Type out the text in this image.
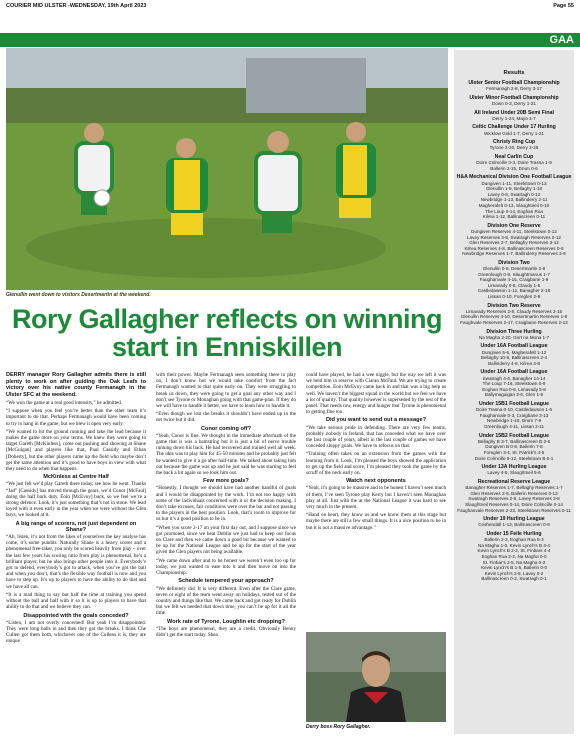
COURIER MID ULSTER -WEDNESDAY, 19th April 2023	Page 55
GAA
Glenullin went down to visitors Desertmartin at the weekend.
Rory Gallagher reflects on winning start in Enniskillen

DERRY manager Rory Gallagher admits there is still plenty to work on after guiding the Oak Leafs to victory over his native county Fermanagh in the Ulster SFC at the weekend.

“We won the game at a real good intensity,” he admitted.

“I suppose when you feel you’re better than the other team it’s important to do that. Perhaps Fermanagh would have been coming to try to hang in the game, but we blew it open very early.

“We wanted to hit the ground running and take the lead because it makes the game more on your terms. We knew they were going to target Gareth [McKinless], come out pushing and showing at Shane [McGuigan] and players like that, Paul Cassidy and Ethan [Doherty], but the other players came up the field who maybe don’t get the same attention and it’s good to have boys in view with what they need to do when that happens.

McKinless at Centre Half

“We just felt we’d play Gareth there today, see how he went. Thanks “Jad” [Cassidy] has moved through the gears, we’d Conor [McFaul] doing the half back duty. Eoin [McEvoy] back, so we feel we’re a strong defence. Look, it’s just something that’s not in stone. We lead loyed with it even early in the year when we were without the Glen boys, we looked at it.

A big range of scorers, not just dependent on Shane?

“Ah, listen, it’s not from the likes of yourselves the key analyse has come, it’s some pundits. Naturally Shane is a heavy scorer and a phenomenal free-taker, you only be scored heavily from play – over the last few years his scoring ratio from play is phenomenal, he’s a brilliant player, but he also brings other people into it. Everybody’s got to defend, everybody’s got to attack, when you’ve got the ball and when you don’t, that’s the flexible way football is now and you have to step up. It’s up to players to have the ability to do that and we have all can.

“It is a mad thing to say but half the time at training you spend without the ball and half with it so it is up to players to have that ability to do that and we believe they can.

Disappointed with the goals conceded?

“Listen, I am not overly concerned! But yeah I’m disappointed. They were long balls in and then they got the breaks. I think Che Cullen got them both, whichever one of the Cullens it is, they are unique

with their power. Maybe Fermanagh seen something there to play on, I don’t know but we would take comfort from the fact Fermanagh wanted to that quite early on. They were struggling to break us down, they were going to get a goal any other way and I don’t see Tyrone or Monaghan going with that game-plan. If they do we will have to handle it better, we have to learn how to handle it.

“Even though we lost the breaks it shouldn’t have ended up in the net twice but it did.

Conor coming off?

“Yeah, Conor is fine. We thought in the immediate aftermath of the game that is was a hamstring but it is just a bit of nerve trouble running down his back. He had recovered and trained well all week. The idea was to play him for 45-50 minutes and he probably just felt he wanted to give it a go after half-time. We talked about taking him out because the game was up and he just said he was starting to feel the back a bit again so we took him out.

Few more goals?

“Honestly, I thought we should have had another handful of goals and I would be disappointed by the work. I’m not too happy with some of the individuals concerned with it or the decision making. I don’t take excuses, fair conditions were over the bar and not passing to the players in the best position. Look, that’s room to improve for us but it’s a good position to be in.

“When you score 2-17 on your first day out, and I suppose since we got promoted, since we beat Dublin we just had to keep our focus on Clare and then we came down a good bit because we wanted to be up for the National League and be up for the start of the year given the Glen players not being available.

“We came down after and to be honest we weren’t even too up for today, we just wanted to ease into it and then move on into the Championship.

Schedule tempered your approach?

“We definitely did. It is very different. Even after the Clare game, seven or eight of the team went away on holidays, tested out of the country and things like that. We came back and got ready for Dublin but we felt we needed that down time, you can’t be up for it all the time.

Work rate of Tyrone, Loughlin etc dropping?

“The boys are phenomenal, they are a credit. Obviously Benny didn’t get the start today. Shea

could have played, he had a wee niggle, but the way we left it was we held him in reserve with Ciaran McFaul. We are trying to create competition. Eoin McEvoy came back in and that was a big help as well. We haven’t the biggest squad in the world but we feel we have a lot of quality. That quality however is superseded by the rest of the panel. That needs raw, energy and hunger that Tyrone is phenomenal to getting fine too.

Did you want to send out a message?

“We take serious pride in defending. There are very few teams, probably nobody in Ireland, that has conceded what we have over the last couple of years, albeit in the last couple of games we have conceded sloppy goals. We have to refocus on that.

“Training often takes on an extension from the games with the learning from it. Look, I’m pleased the boys showed the application to get up the field and score, I’m pleased they took the game by the scruff of the neck early on.

Watch next opponents

“Yeah, it’s going to be massive and to be honest I haven’t seen much of them, I’ve seen Tyrone play Kerry but I haven’t seen Monaghan play at all. Just with the at the National League it was hard to see very much in the present.

“Hand on heart, they know us and we know them at this stage but maybe there are still a few small things. It is a nice position to be in but it is not a massive advantage.”

Derry boss Rory Gallagher.
Results
Ulster Senior Football Championship
Fermanagh 2-8, Derry 3-17
Ulster Minor Football Championship
Down 0-3, Derry 1-21
All Ireland Under 20B Semi Final
Derry 1-24, Mayo 1-7
Celtic Challenge Under 17 Hurling
Wicklow Gold 1-7, Derry 1-21
Christy Ring Cup
Tyrone 2-20, Derry 2-26
Neal Carlin Cup
Doire Colmcille 3-3, Doire Trasna 1-9
Ballerin 2-15, Drum 0-6
H&A Mechanical Division One Football League
Dungiven 1-11, Steelstown 0-13
Glenullin 1-9, Bellaghy 1-10
Lavey 0-8, Swatragh 0-12
Newbridge 1-13, Ballinderry 2-11
Magherafelt 0-13, Slaughtneil 0-10
The Loup 0-14, Eoghan Rua
Kilrea 1-12, Ballinascreen 0-11
Division One Reserve
Dungiven Reserves 4-11, Steelstown 0-12
Lavey Reserves 3-8, Swatragh Reserves 0-12
Glen Reserves 2-7, Bellaghy Reserves 3-12
Kilrea Reserves 4-8, Ballinascreen Reserves 0-8
Newbridge Reserves 1-7, Ballinderry Reserves 3-9
Division Two
Glenullin 0-8, Desertmartin 2-8
Greenlough 0-9, Slaughtmanus 1-7
Faughanvale 4-15, Craigbane 1-9
Limavady 0-8, Claudy 1-5
Castledawson 1-12, Banagher 2-18
Lissan 0-10, Foreglen 2-9
Division Two Reserve
Limavady Reserves 2-8, Claudy Reserves 3-15
Glenullin Reserves 4-10, Desertmartin Reserves 1-8
Faughvale Reserves 2-17, Craigbane Reserves 2-13
Division Three Hurling
Na Magha 2-20, Gort na Mona 1-7
Under 16A Football League
Dungiven 5-6, Magherafelt 1-12
Bellaghy 10-8, Ballinascreen 2-4
Ballinderry 4-6, Kilrea 3-8
Under 16A Football League
Swatragh 4-6, Banagher 14-14
The Loup 7-16, Steelstown 0-9
Eoghan Rua 0-8, Limavady 5-8
Ballymaguigan 3-6, Glen 1-9
Under 15B1 Football League
Doire Trasna 0-10, Castledawson 1-6
Faughanvale 0-3, Craigbane 3-13
Newbridge 1-10, Drum 7-9
Greenlough 4-11, Lissan 2-11
Under 15B2 Football League
Bellaghy B 3-7, Ballinascreen B 3-5
Dungiven B 0-6, Ballerin 7-8
Foreglen 3-4, St. Patrick's 4-5
Doire Colmcille 5-12, Steelstown B 6-1
Under 13A Hurling League
Lavey 4-5, Slaughtneil 5-6
Recreational Reserve League
Banagher Reserves 1-7, Bellaghy Reserves 1-7
Glen Reserves 2-8, Ballerin Reserves 0-13
Swatragh Reserves 2-6, Lavey Reserves 3-8
Slaughtneil Reserves 0-14, Doire Colmcille 0-14
Faughanvale Reserves 2-23, Steelstown Reserves 0-11
Under 19 Hurling League
Coshendall 1-13, Ballinascreen 0-9
Under 15 Feile Hurling
Ballerin 2-3, Eoghan Rua 5-3
Na Magha 1-0, Kevin Lynch's B 3-4
Kevin Lynch's B 2-2, St. Finbars 4-4
Eoghan Rua 2-2, Na Magha 0-0
St. Finbar's 2-5, Na Magha 0-2
Kevin Lynch's B 1-5, Ballerin 0-0
Kevin Lynch's 2-8, Lavey 0-2
Ballinascreen 0-2, Swatragh 0-1
